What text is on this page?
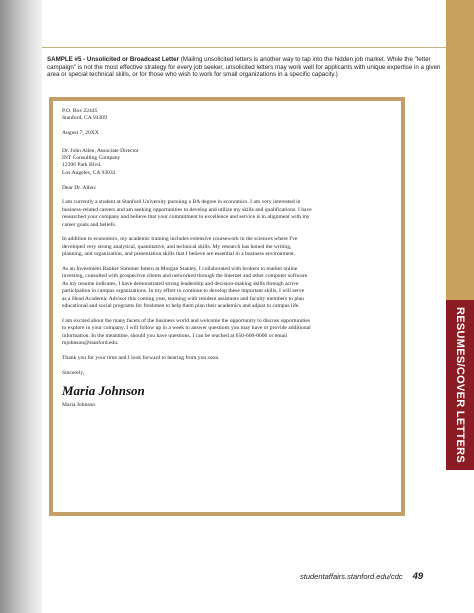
RESUMES/COVER LETTERS
SAMPLE #5 - Unsolicited or Broadcast Letter (Mailing unsolicited letters is another way to tap into the hidden job market. While the "letter campaign" is not the most effective strategy for every job seeker, unsolicited letters may work well for applicants with unique expertise in a given area or special technical skills, or for those who wish to work for small organizations in a specific capacity.)
P.O. Box 22445
Stanford, CA 94309
August 7, 20XX
Dr. John Allen, Associate Director
INT Consulting Company
12396 Park Blvd.
Los Angeles, CA 93032
Dear Dr. Allen:
I am currently a student at Stanford University pursuing a BA degree in economics. I am very interested in
business-related careers and am seeking opportunities to develop and utilize my skills and qualifications. I have
researched your company and believe that your commitment to excellence and service is in alignment with my
career goals and beliefs.
In addition to economics, my academic training includes extensive coursework in the sciences where I've
developed very strong analytical, quantitative, and technical skills. My research has honed the writing,
planning, and organization, and presentation skills that I believe are essential in a business environment.
As an Investment Banker Summer Intern at Morgan Stanley, I collaborated with brokers to market online
investing, consulted with prospective clients and networked through the Internet and other computer software.
As my resume indicates, I have demonstrated strong leadership and decision-making skills through active
participation in campus organizations. In my effort to continue to develop these important skills, I will serve
as a Head Academic Advisor this coming year, teaming with resident assistants and faculty members to plan
educational and social programs for freshmen to help them plan their academics and adjust to campus life.
I am excited about the many facets of the business world and welcome the opportunity to discuss opportunities
to explore in your company. I will follow up in a week to answer questions you may have or provide additional
information. In the meantime, should you have questions, I can be reached at 650-600-0000 or email
mjohnson@stanford.edu.
Thank you for your time and I look forward to hearing from you soon.
Sincerely,
Maria Johnson
Maria Johnson
studentaffairs.stanford.edu/cdc 49
